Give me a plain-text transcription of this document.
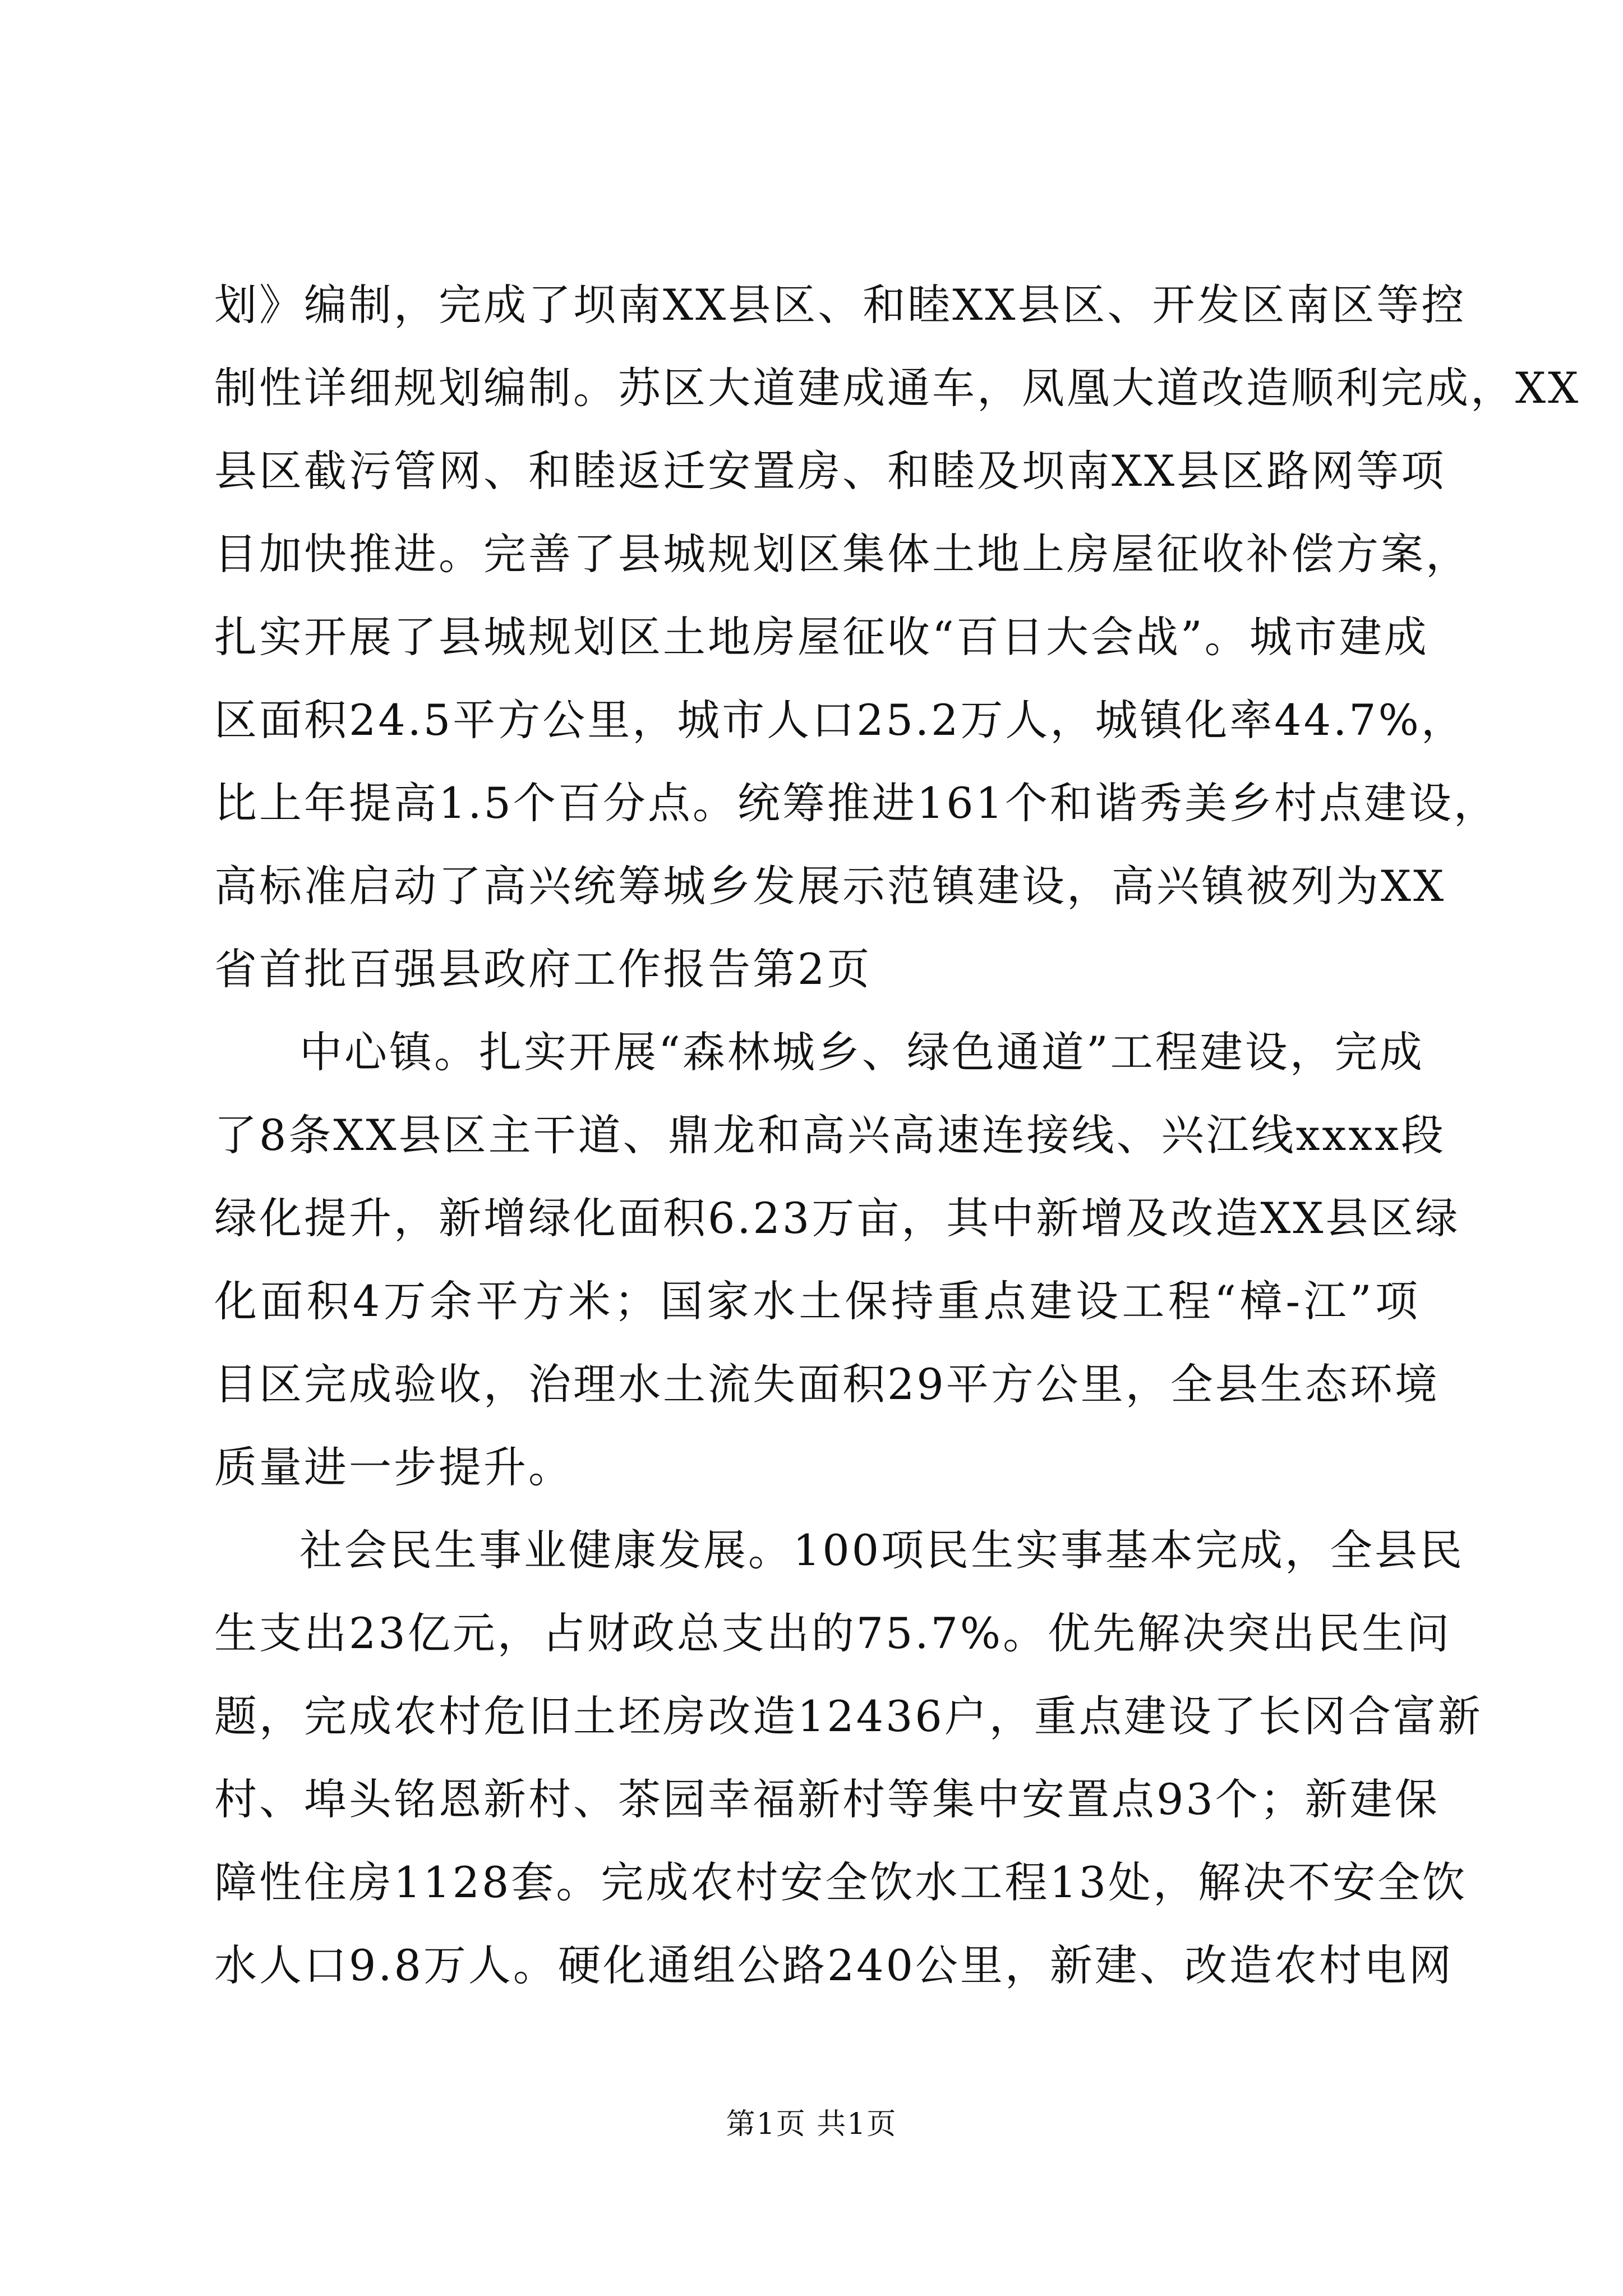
划》编制，完成了坝南XX县区、和睦XX县区、开发区南区等控
制性详细规划编制。苏区大道建成通车，凤凰大道改造顺利完成，XX
县区截污管网、和睦返迁安置房、和睦及坝南XX县区路网等项
目加快推进。完善了县城规划区集体土地上房屋征收补偿方案，
扎实开展了县城规划区土地房屋征收“百日大会战”。城市建成
区面积24.5平方公里，城市人口25.2万人，城镇化率44.7%，
比上年提高1.5个百分点。统筹推进161个和谐秀美乡村点建设，
高标准启动了高兴统筹城乡发展示范镇建设，高兴镇被列为XX
省首批百强县政府工作报告第2页
中心镇。扎实开展“森林城乡、绿色通道”工程建设，完成
了8条XX县区主干道、鼎龙和高兴高速连接线、兴江线xxxx段
绿化提升，新增绿化面积6.23万亩，其中新增及改造XX县区绿
化面积4万余平方米；国家水土保持重点建设工程“樟-江”项
目区完成验收，治理水土流失面积29平方公里，全县生态环境
质量进一步提升。
社会民生事业健康发展。100项民生实事基本完成，全县民
生支出23亿元，占财政总支出的75.7%。优先解决突出民生问
题，完成农村危旧土坯房改造12436户，重点建设了长冈合富新
村、埠头铭恩新村、茶园幸福新村等集中安置点93个；新建保
障性住房1128套。完成农村安全饮水工程13处，解决不安全饮
水人口9.8万人。硬化通组公路240公里，新建、改造农村电网
第1页 共1页
